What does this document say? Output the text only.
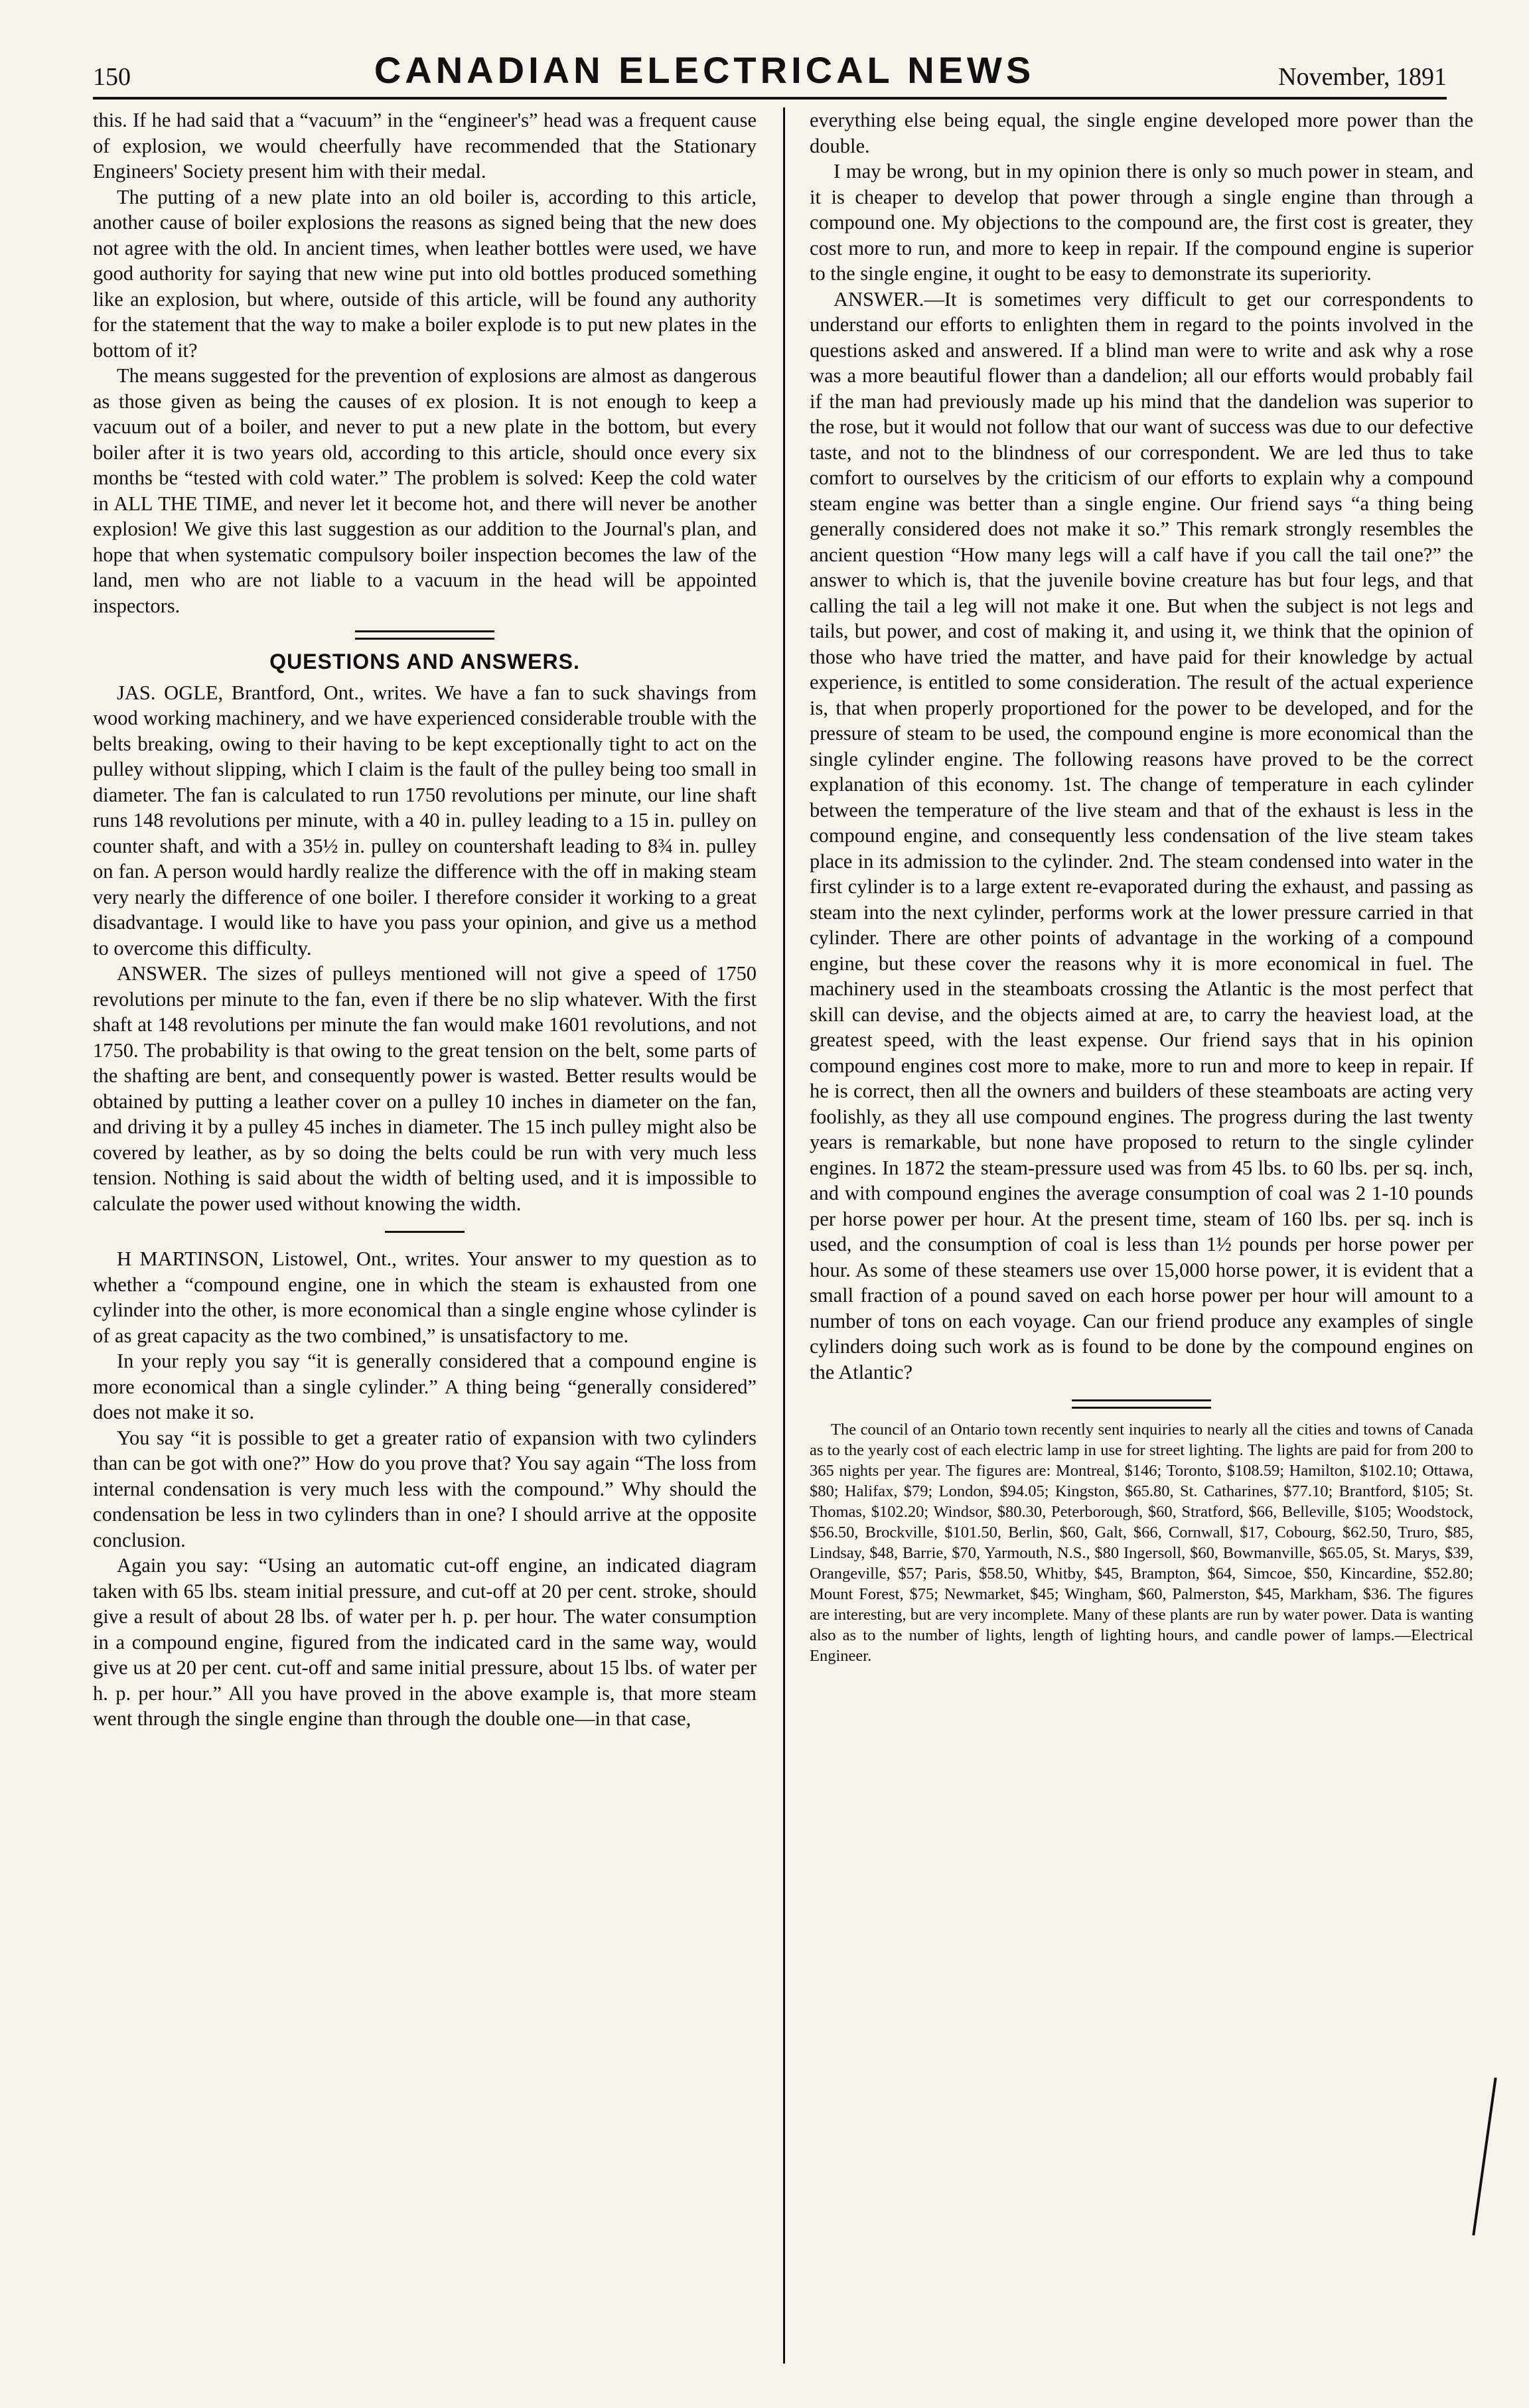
150	CANADIAN ELECTRICAL NEWS	November, 1891

this. If he had said that a “vacuum” in the “engineer's” head was a frequent cause of explosion, we would cheerfully have recommended that the Stationary Engineers' Society present him with their medal.

The putting of a new plate into an old boiler is, according to this article, another cause of boiler explosions the reasons as signed being that the new does not agree with the old. In ancient times, when leather bottles were used, we have good authority for saying that new wine put into old bottles produced something like an explosion, but where, outside of this article, will be found any authority for the statement that the way to make a boiler explode is to put new plates in the bottom of it?

The means suggested for the prevention of explosions are almost as dangerous as those given as being the causes of ex plosion. It is not enough to keep a vacuum out of a boiler, and never to put a new plate in the bottom, but every boiler after it is two years old, according to this article, should once every six months be “tested with cold water.” The problem is solved: Keep the cold water in ALL THE TIME, and never let it become hot, and there will never be another explosion! We give this last suggestion as our addition to the Journal's plan, and hope that when systematic compulsory boiler inspection becomes the law of the land, men who are not liable to a vacuum in the head will be appointed inspectors.

QUESTIONS AND ANSWERS.

JAS. OGLE, Brantford, Ont., writes. We have a fan to suck shavings from wood working machinery, and we have experienced considerable trouble with the belts breaking, owing to their having to be kept exceptionally tight to act on the pulley without slipping, which I claim is the fault of the pulley being too small in diameter. The fan is calculated to run 1750 revolutions per minute, our line shaft runs 148 revolutions per minute, with a 40 in. pulley leading to a 15 in. pulley on counter shaft, and with a 35½ in. pulley on countershaft leading to 8¾ in. pulley on fan. A person would hardly realize the difference with the off in making steam very nearly the difference of one boiler. I therefore consider it working to a great disadvantage. I would like to have you pass your opinion, and give us a method to overcome this difficulty.

ANSWER. The sizes of pulleys mentioned will not give a speed of 1750 revolutions per minute to the fan, even if there be no slip whatever. With the first shaft at 148 revolutions per minute the fan would make 1601 revolutions, and not 1750. The probability is that owing to the great tension on the belt, some parts of the shafting are bent, and consequently power is wasted. Better results would be obtained by putting a leather cover on a pulley 10 inches in diameter on the fan, and driving it by a pulley 45 inches in diameter. The 15 inch pulley might also be covered by leather, as by so doing the belts could be run with very much less tension. Nothing is said about the width of belting used, and it is impossible to calculate the power used without knowing the width.

H MARTINSON, Listowel, Ont., writes. Your answer to my question as to whether a “compound engine, one in which the steam is exhausted from one cylinder into the other, is more economical than a single engine whose cylinder is of as great capacity as the two combined,” is unsatisfactory to me.

In your reply you say “it is generally considered that a compound engine is more economical than a single cylinder.” A thing being “generally considered” does not make it so.

You say “it is possible to get a greater ratio of expansion with two cylinders than can be got with one?” How do you prove that? You say again “The loss from internal condensation is very much less with the compound.” Why should the condensation be less in two cylinders than in one? I should arrive at the opposite conclusion.

Again you say: “Using an automatic cut-off engine, an indicated diagram taken with 65 lbs. steam initial pressure, and cut-off at 20 per cent. stroke, should give a result of about 28 lbs. of water per h. p. per hour. The water consumption in a compound engine, figured from the indicated card in the same way, would give us at 20 per cent. cut-off and same initial pressure, about 15 lbs. of water per h. p. per hour.” All you have proved in the above example is, that more steam went through the single engine than through the double one—in that case,

everything else being equal, the single engine developed more power than the double.

I may be wrong, but in my opinion there is only so much power in steam, and it is cheaper to develop that power through a single engine than through a compound one. My objections to the compound are, the first cost is greater, they cost more to run, and more to keep in repair. If the compound engine is superior to the single engine, it ought to be easy to demonstrate its superiority.

ANSWER.—It is sometimes very difficult to get our correspondents to understand our efforts to enlighten them in regard to the points involved in the questions asked and answered. If a blind man were to write and ask why a rose was a more beautiful flower than a dandelion; all our efforts would probably fail if the man had previously made up his mind that the dandelion was superior to the rose, but it would not follow that our want of success was due to our defective taste, and not to the blindness of our correspondent. We are led thus to take comfort to ourselves by the criticism of our efforts to explain why a compound steam engine was better than a single engine. Our friend says “a thing being generally considered does not make it so.” This remark strongly resembles the ancient question “How many legs will a calf have if you call the tail one?” the answer to which is, that the juvenile bovine creature has but four legs, and that calling the tail a leg will not make it one. But when the subject is not legs and tails, but power, and cost of making it, and using it, we think that the opinion of those who have tried the matter, and have paid for their knowledge by actual experience, is entitled to some consideration. The result of the actual experience is, that when properly proportioned for the power to be developed, and for the pressure of steam to be used, the compound engine is more economical than the single cylinder engine. The following reasons have proved to be the correct explanation of this economy. 1st. The change of temperature in each cylinder between the temperature of the live steam and that of the exhaust is less in the compound engine, and consequently less condensation of the live steam takes place in its admission to the cylinder. 2nd. The steam condensed into water in the first cylinder is to a large extent re-evaporated during the exhaust, and passing as steam into the next cylinder, performs work at the lower pressure carried in that cylinder. There are other points of advantage in the working of a compound engine, but these cover the reasons why it is more economical in fuel. The machinery used in the steamboats crossing the Atlantic is the most perfect that skill can devise, and the objects aimed at are, to carry the heaviest load, at the greatest speed, with the least expense. Our friend says that in his opinion compound engines cost more to make, more to run and more to keep in repair. If he is correct, then all the owners and builders of these steamboats are acting very foolishly, as they all use compound engines. The progress during the last twenty years is remarkable, but none have proposed to return to the single cylinder engines. In 1872 the steam-pressure used was from 45 lbs. to 60 lbs. per sq. inch, and with compound engines the average consumption of coal was 2 1-10 pounds per horse power per hour. At the present time, steam of 160 lbs. per sq. inch is used, and the consumption of coal is less than 1½ pounds per horse power per hour. As some of these steamers use over 15,000 horse power, it is evident that a small fraction of a pound saved on each horse power per hour will amount to a number of tons on each voyage. Can our friend produce any examples of single cylinders doing such work as is found to be done by the compound engines on the Atlantic?

The council of an Ontario town recently sent inquiries to nearly all the cities and towns of Canada as to the yearly cost of each electric lamp in use for street lighting. The lights are paid for from 200 to 365 nights per year. The figures are: Montreal, $146; Toronto, $108.59; Hamilton, $102.10; Ottawa, $80; Halifax, $79; London, $94.05; Kingston, $65.80, St. Catharines, $77.10; Brantford, $105; St. Thomas, $102.20; Windsor, $80.30, Peterborough, $60, Stratford, $66, Belleville, $105; Woodstock, $56.50, Brockville, $101.50, Berlin, $60, Galt, $66, Cornwall, $17, Cobourg, $62.50, Truro, $85, Lindsay, $48, Barrie, $70, Yarmouth, N.S., $80 Ingersoll, $60, Bowmanville, $65.05, St. Marys, $39, Orangeville, $57; Paris, $58.50, Whitby, $45, Brampton, $64, Simcoe, $50, Kincardine, $52.80; Mount Forest, $75; Newmarket, $45; Wingham, $60, Palmerston, $45, Markham, $36. The figures are interesting, but are very incomplete. Many of these plants are run by water power. Data is wanting also as to the number of lights, length of lighting hours, and candle power of lamps.—Electrical Engineer.
